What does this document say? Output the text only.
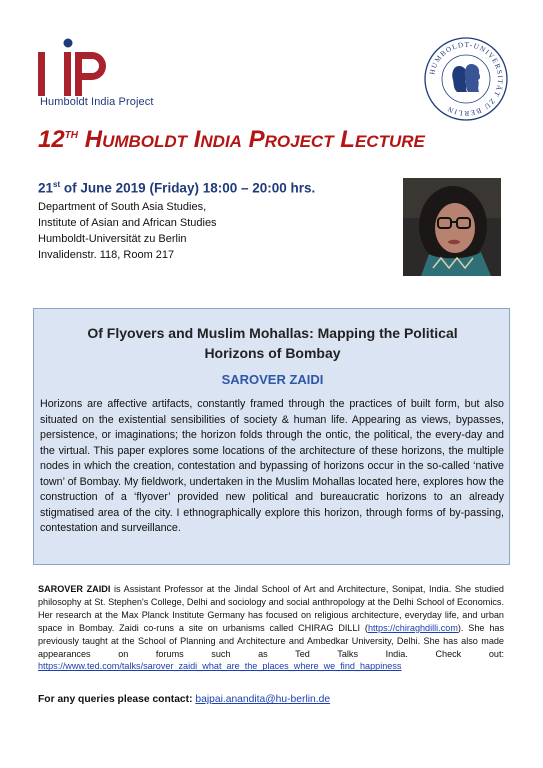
Humboldt India Project
HUMBOLDT-UNIVERSITÄT ZU BERLIN
12TH HUMBOLDT INDIA PROJECT LECTURE
21st of June 2019 (Friday) 18:00 – 20:00 hrs.
Department of South Asia Studies,
Institute of Asian and African Studies
Humboldt-Universität zu Berlin
Invalidenstr. 118, Room 217
Of Flyovers and Muslim Mohallas: Mapping the Political
Horizons of Bombay
SAROVER ZAIDI
Horizons are affective artifacts, constantly framed through the practices of built form, but also situated on the existential sensibilities of society & human life. Appearing as views, bypasses, persistence, or imaginations; the horizon folds through the ontic, the political, the every-day and the virtual. This paper explores some locations of the architecture of these horizons, the multiple nodes in which the creation, contestation and bypassing of horizons occur in the so-called ‘native town’ of Bombay. My fieldwork, undertaken in the Muslim Mohallas located here, explores how the construction of a ‘flyover’ provided new political and bureaucratic horizons to an already stigmatised area of the city. I ethnographically explore this horizon, through forms of by-passing, contestation and surveillance.
SAROVER ZAIDI is Assistant Professor at the Jindal School of Art and Architecture, Sonipat, India. She studied philosophy at St. Stephen's College, Delhi and sociology and social anthropology at the Delhi School of Economics. Her research at the Max Planck Institute Germany has focused on religious architecture, everyday life, and urban space in Bombay. Zaidi co-runs a site on urbanisms called CHIRAG DILLI (https://chiraghdilli.com). She has previously taught at the School of Planning and Architecture and Ambedkar University, Delhi. She has also made appearances on forums such as Ted Talks India. Check out: https://www.ted.com/talks/sarover_zaidi_what_are_the_places_where_we_find_happiness
For any queries please contact: bajpai.anandita@hu-berlin.de
